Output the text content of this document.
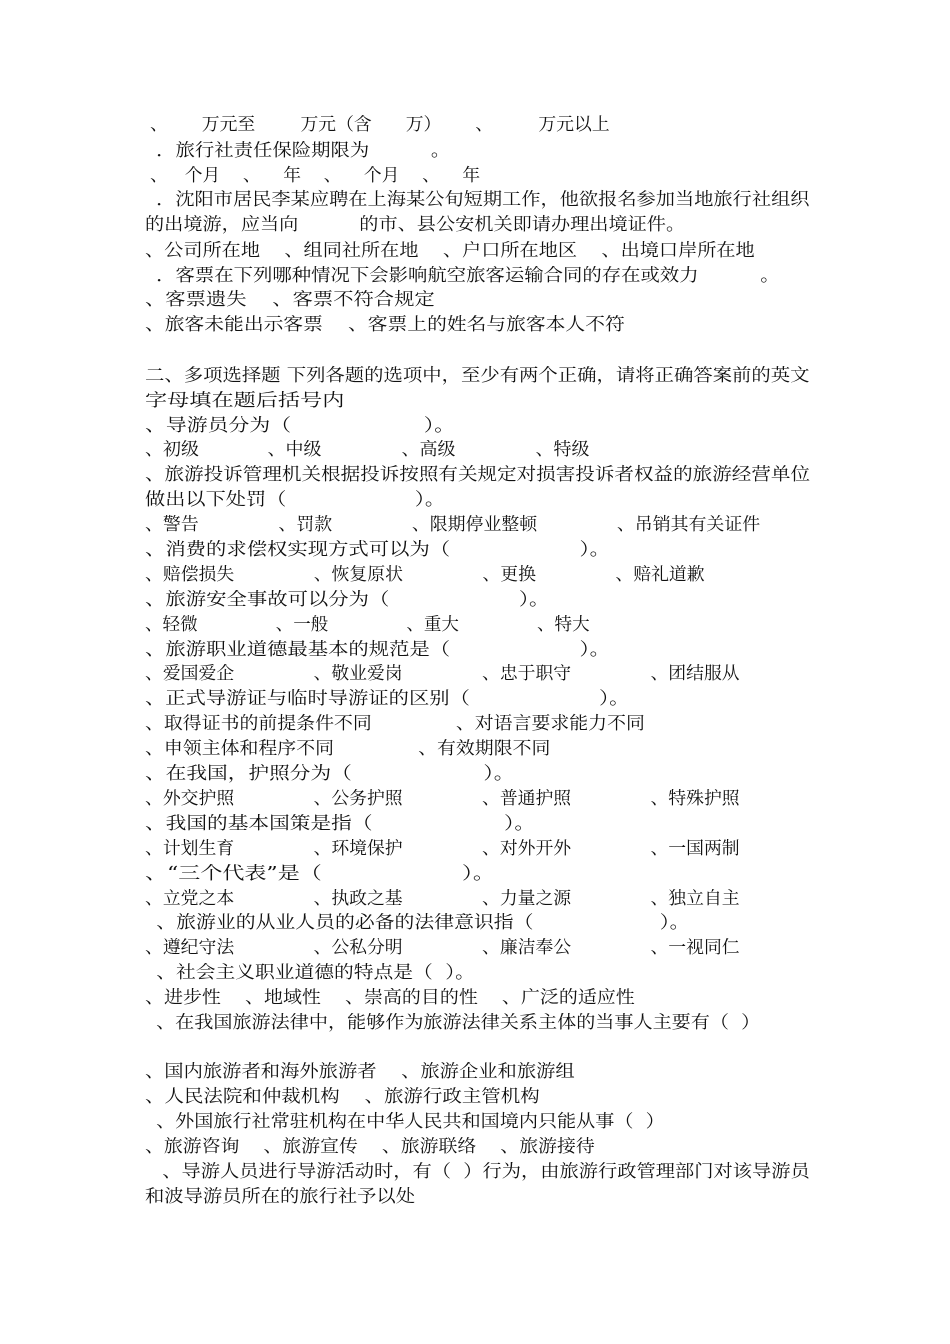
、      万元至        万元（含      万）      、        万元以上
．旅行社责任保险期限为          。
、   个月    、    年    、    个月    、    年
．沈阳市居民李某应聘在上海某公旬短期工作，他欲报名参加当地旅行社组织
的出境游，应当向          的市、县公安机关即请办理出境证件。
、公司所在地    、组同社所在地    、户口所在地区    、出境口岸所在地
．客票在下列哪种情况下会影响航空旅客运输合同的存在或效力          。
、客票遗失    、客票不符合规定
、旅客未能出示客票    、客票上的姓名与旅客本人不符
二、多项选择题 下列各题的选项中，至少有两个正确，请将正确答案前的英文
字母填在题后括号内
、导游员分为（                    ）。
、初级            、中级              、高级              、特级
、旅游投诉管理机关根据投诉按照有关规定对损害投诉者权益的旅游经营单位
做出以下处罚（                    ）。
、警告              、罚款              、限期停业整顿              、吊销其有关证件
、消费的求偿权实现方式可以为（                    ）。
、赔偿损失              、恢复原状              、更换              、赔礼道歉
、旅游安全事故可以分为（                    ）。
、轻微              、一般              、重大              、特大
、旅游职业道德最基本的规范是（                    ）。
、爱国爱企              、敬业爱岗              、忠于职守              、团结服从
、正式导游证与临时导游证的区别（                    ）。
、取得证书的前提条件不同              、对语言要求能力不同
、申领主体和程序不同              、有效期限不同
、在我国，护照分为（                    ）。
、外交护照              、公务护照              、普通护照              、特殊护照
、我国的基本国策是指（                    ）。
、计划生育              、环境保护              、对外开外              、一国两制
、“三个代表”是（                    ）。
、立党之本              、执政之基              、力量之源              、独立自主
、旅游业的从业人员的必备的法律意识指（                    ）。
、遵纪守法              、公私分明              、廉洁奉公              、一视同仁
、社会主义职业道德的特点是（  ）。
、进步性    、地域性    、崇高的目的性    、广泛的适应性
、在我国旅游法律中，能够作为旅游法律关系主体的当事人主要有（  ）
、国内旅游者和海外旅游者    、旅游企业和旅游组
、人民法院和仲裁机构    、旅游行政主管机构
、外国旅行社常驻机构在中华人民共和国境内只能从事（  ）
、旅游咨询    、旅游宣传    、旅游联络    、旅游接待
、导游人员进行导游活动时，有（  ）行为，由旅游行政管理部门对该导游员
和波导游员所在的旅行社予以处
